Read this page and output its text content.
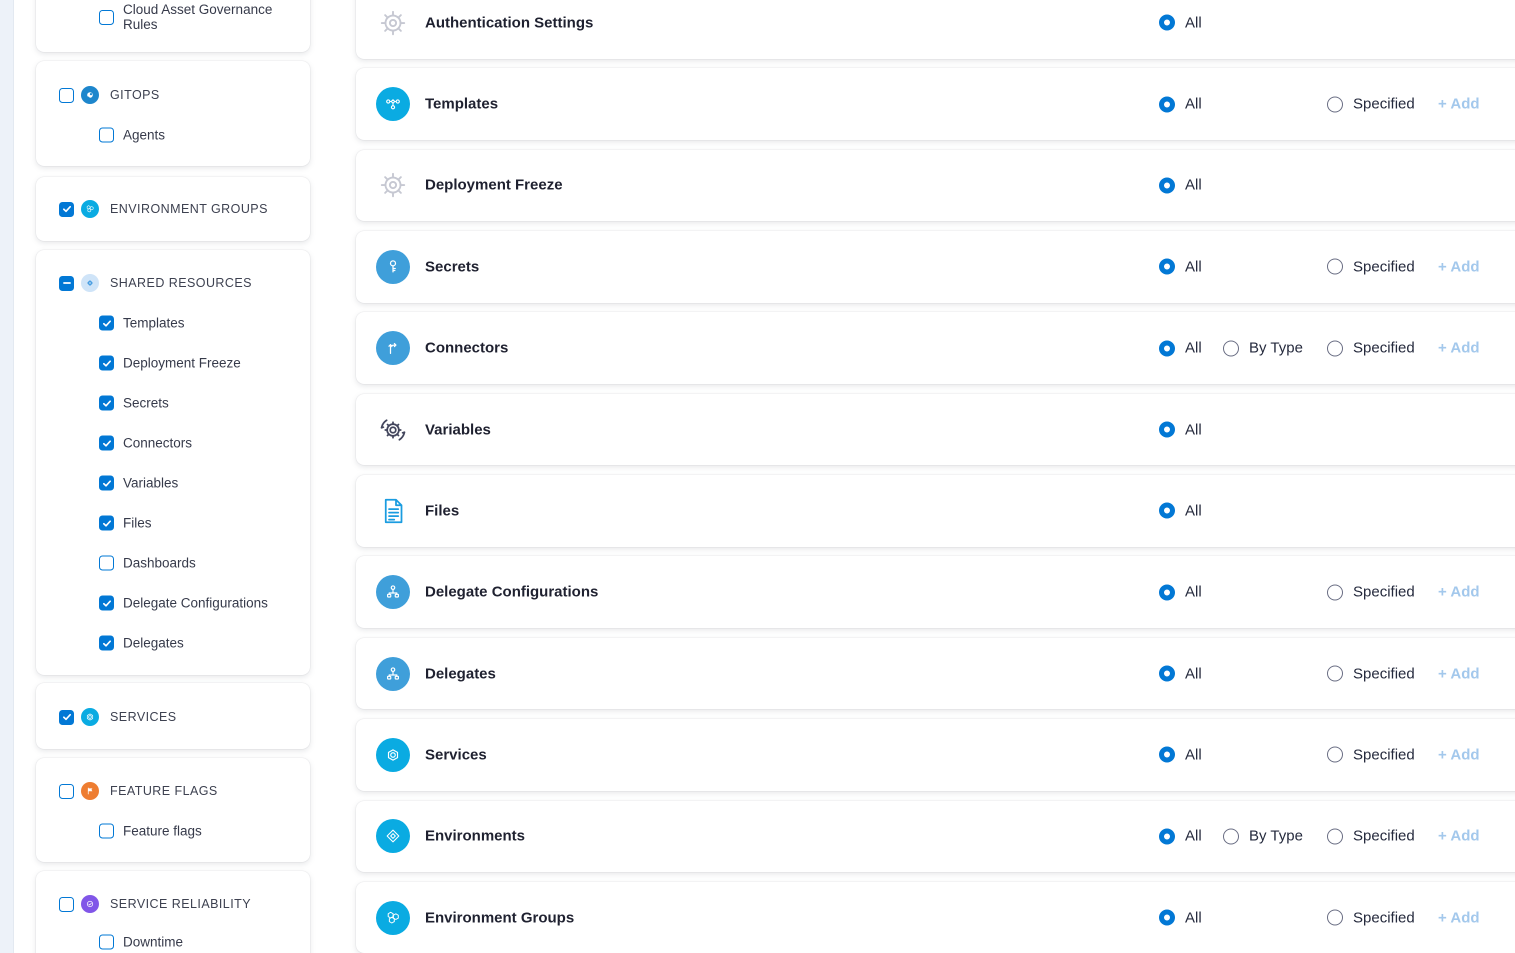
Cloud Asset Governance Rules
GITOPS
Agents
ENVIRONMENT GROUPS
SHARED RESOURCES
Templates
Deployment Freeze
Secrets
Connectors
Variables
Files
Dashboards
Delegate Configurations
Delegates
SERVICES
FEATURE FLAGS
Feature flags
SERVICE RELIABILITY
Downtime
Authentication Settings	All
Templates	All	Specified + Add
Deployment Freeze	All
Secrets	All	Specified + Add
Connectors	All	By Type	Specified + Add
Variables	All
Files	All
Delegate Configurations	All	Specified + Add
Delegates	All	Specified + Add
Services	All	Specified + Add
Environments	All	By Type	Specified + Add
Environment Groups	All	Specified + Add
